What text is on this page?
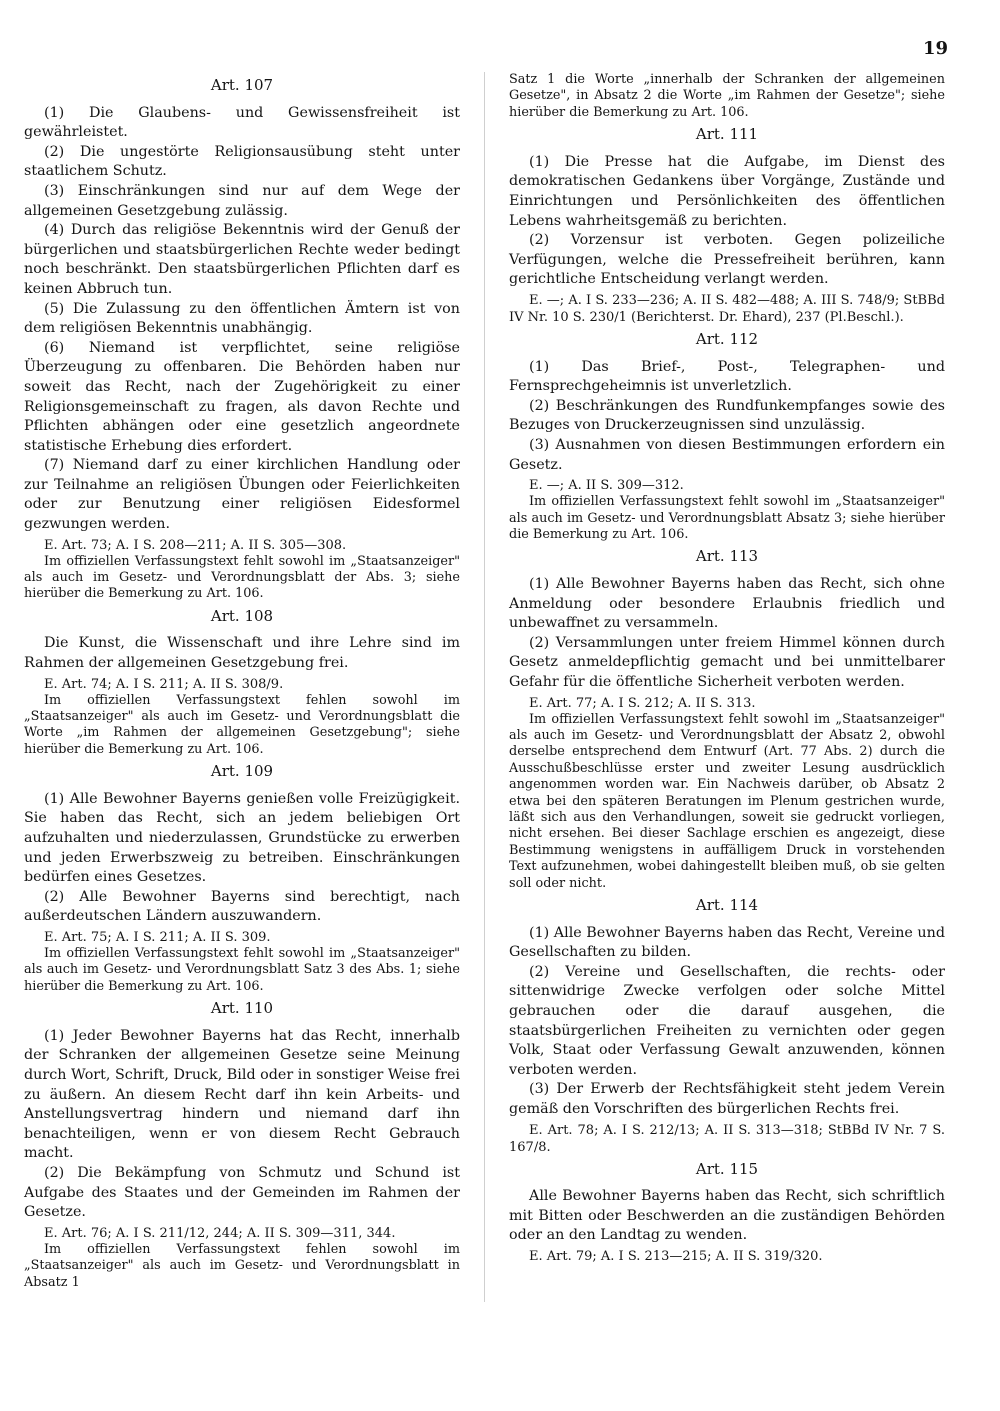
19
Art. 107

(1) Die Glaubens- und Gewissensfreiheit ist gewährleistet.

(2) Die ungestörte Religionsausübung steht unter staatlichem Schutz.

(3) Einschränkungen sind nur auf dem Wege der allgemeinen Gesetzgebung zulässig.

(4) Durch das religiöse Bekenntnis wird der Genuß der bürgerlichen und staatsbürgerlichen Rechte weder bedingt noch beschränkt. Den staatsbürgerlichen Pflichten darf es keinen Abbruch tun.

(5) Die Zulassung zu den öffentlichen Ämtern ist von dem religiösen Bekenntnis unabhängig.

(6) Niemand ist verpflichtet, seine religiöse Überzeugung zu offenbaren. Die Behörden haben nur soweit das Recht, nach der Zugehörigkeit zu einer Religionsgemeinschaft zu fragen, als davon Rechte und Pflichten abhängen oder eine gesetzlich angeordnete statistische Erhebung dies erfordert.

(7) Niemand darf zu einer kirchlichen Handlung oder zur Teilnahme an religiösen Übungen oder Feierlichkeiten oder zur Benutzung einer religiösen Eidesformel gezwungen werden.

E. Art. 73; A. I S. 208—211; A. II S. 305—308.

Im offiziellen Verfassungstext fehlt sowohl im „Staatsanzeiger" als auch im Gesetz- und Verordnungsblatt der Abs. 3; siehe hierüber die Bemerkung zu Art. 106.

Art. 108

Die Kunst, die Wissenschaft und ihre Lehre sind im Rahmen der allgemeinen Gesetzgebung frei.

E. Art. 74; A. I S. 211; A. II S. 308/9.

Im offiziellen Verfassungstext fehlen sowohl im „Staatsanzeiger" als auch im Gesetz- und Verordnungsblatt die Worte „im Rahmen der allgemeinen Gesetzgebung"; siehe hierüber die Bemerkung zu Art. 106.

Art. 109

(1) Alle Bewohner Bayerns genießen volle Freizügigkeit. Sie haben das Recht, sich an jedem beliebigen Ort aufzuhalten und niederzulassen, Grundstücke zu erwerben und jeden Erwerbszweig zu betreiben. Einschränkungen bedürfen eines Gesetzes.

(2) Alle Bewohner Bayerns sind berechtigt, nach außerdeutschen Ländern auszuwandern.

E. Art. 75; A. I S. 211; A. II S. 309.

Im offiziellen Verfassungstext fehlt sowohl im „Staatsanzeiger" als auch im Gesetz- und Verordnungsblatt Satz 3 des Abs. 1; siehe hierüber die Bemerkung zu Art. 106.

Art. 110

(1) Jeder Bewohner Bayerns hat das Recht, innerhalb der Schranken der allgemeinen Gesetze seine Meinung durch Wort, Schrift, Druck, Bild oder in sonstiger Weise frei zu äußern. An diesem Recht darf ihn kein Arbeits- und Anstellungsvertrag hindern und niemand darf ihn benachteiligen, wenn er von diesem Recht Gebrauch macht.

(2) Die Bekämpfung von Schmutz und Schund ist Aufgabe des Staates und der Gemeinden im Rahmen der Gesetze.

E. Art. 76; A. I S. 211/12, 244; A. II S. 309—311, 344.

Im offiziellen Verfassungstext fehlen sowohl im „Staatsanzeiger" als auch im Gesetz- und Verordnungsblatt in Absatz 1

Satz 1 die Worte „innerhalb der Schranken der allgemeinen Gesetze", in Absatz 2 die Worte „im Rahmen der Gesetze"; siehe hierüber die Bemerkung zu Art. 106.

Art. 111

(1) Die Presse hat die Aufgabe, im Dienst des demokratischen Gedankens über Vorgänge, Zustände und Einrichtungen und Persönlichkeiten des öffentlichen Lebens wahrheitsgemäß zu berichten.

(2) Vorzensur ist verboten. Gegen polizeiliche Verfügungen, welche die Pressefreiheit berühren, kann gerichtliche Entscheidung verlangt werden.

E. —; A. I S. 233—236; A. II S. 482—488; A. III S. 748/9; StBBd IV Nr. 10 S. 230/1 (Berichterst. Dr. Ehard), 237 (Pl.Beschl.).

Art. 112

(1) Das Brief-, Post-, Telegraphen- und Fernsprechgeheimnis ist unverletzlich.

(2) Beschränkungen des Rundfunkempfanges sowie des Bezuges von Druckerzeugnissen sind unzulässig.

(3) Ausnahmen von diesen Bestimmungen erfordern ein Gesetz.

E. —; A. II S. 309—312.

Im offiziellen Verfassungstext fehlt sowohl im „Staatsanzeiger" als auch im Gesetz- und Verordnungsblatt Absatz 3; siehe hierüber die Bemerkung zu Art. 106.

Art. 113

(1) Alle Bewohner Bayerns haben das Recht, sich ohne Anmeldung oder besondere Erlaubnis friedlich und unbewaffnet zu versammeln.

(2) Versammlungen unter freiem Himmel können durch Gesetz anmeldepflichtig gemacht und bei unmittelbarer Gefahr für die öffentliche Sicherheit verboten werden.

E. Art. 77; A. I S. 212; A. II S. 313.

Im offiziellen Verfassungstext fehlt sowohl im „Staatsanzeiger" als auch im Gesetz- und Verordnungsblatt der Absatz 2, obwohl derselbe entsprechend dem Entwurf (Art. 77 Abs. 2) durch die Ausschußbeschlüsse erster und zweiter Lesung ausdrücklich angenommen worden war. Ein Nachweis darüber, ob Absatz 2 etwa bei den späteren Beratungen im Plenum gestrichen wurde, läßt sich aus den Verhandlungen, soweit sie gedruckt vorliegen, nicht ersehen. Bei dieser Sachlage erschien es angezeigt, diese Bestimmung wenigstens in auffälligem Druck in vorstehenden Text aufzunehmen, wobei dahingestellt bleiben muß, ob sie gelten soll oder nicht.

Art. 114

(1) Alle Bewohner Bayerns haben das Recht, Vereine und Gesellschaften zu bilden.

(2) Vereine und Gesellschaften, die rechts- oder sittenwidrige Zwecke verfolgen oder solche Mittel gebrauchen oder die darauf ausgehen, die staatsbürgerlichen Freiheiten zu vernichten oder gegen Volk, Staat oder Verfassung Gewalt anzuwenden, können verboten werden.

(3) Der Erwerb der Rechtsfähigkeit steht jedem Verein gemäß den Vorschriften des bürgerlichen Rechts frei.

E. Art. 78; A. I S. 212/13; A. II S. 313—318; StBBd IV Nr. 7 S. 167/8.

Art. 115

Alle Bewohner Bayerns haben das Recht, sich schriftlich mit Bitten oder Beschwerden an die zuständigen Behörden oder an den Landtag zu wenden.

E. Art. 79; A. I S. 213—215; A. II S. 319/320.
